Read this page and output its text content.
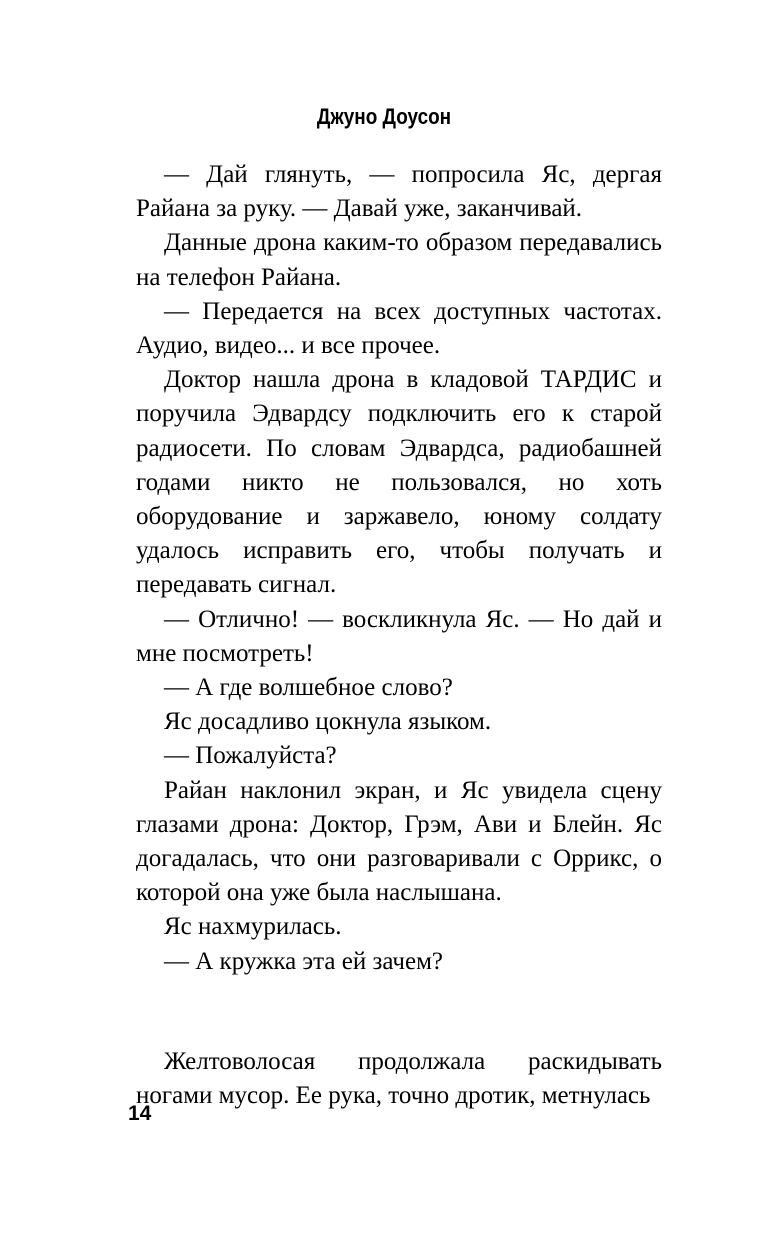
Джуно Доусон

— Дай глянуть, — попросила Яс, дергая Райана за руку. — Давай уже, заканчивай.

Данные дрона каким-то образом передавались на телефон Райана.

— Передается на всех доступных частотах. Аудио, видео... и все прочее.

Доктор нашла дрона в кладовой ТАРДИС и поручила Эдвардсу подключить его к старой радиосети. По словам Эдвардса, радиобашней годами никто не пользовался, но хоть оборудование и заржавело, юному солдату удалось исправить его, чтобы получать и передавать сигнал.

— Отлично! — воскликнула Яс. — Но дай и мне посмотреть!

— А где волшебное слово?

Яс досадливо цокнула языком.

— Пожалуйста?

Райан наклонил экран, и Яс увидела сцену глазами дрона: Доктор, Грэм, Ави и Блейн. Яс догадалась, что они разговаривали с Оррикс, о которой она уже была наслышана.

Яс нахмурилась.

— А кружка эта ей зачем?

Желтоволосая продолжала раскидывать ногами мусор. Ее рука, точно дротик, метнулась

14
